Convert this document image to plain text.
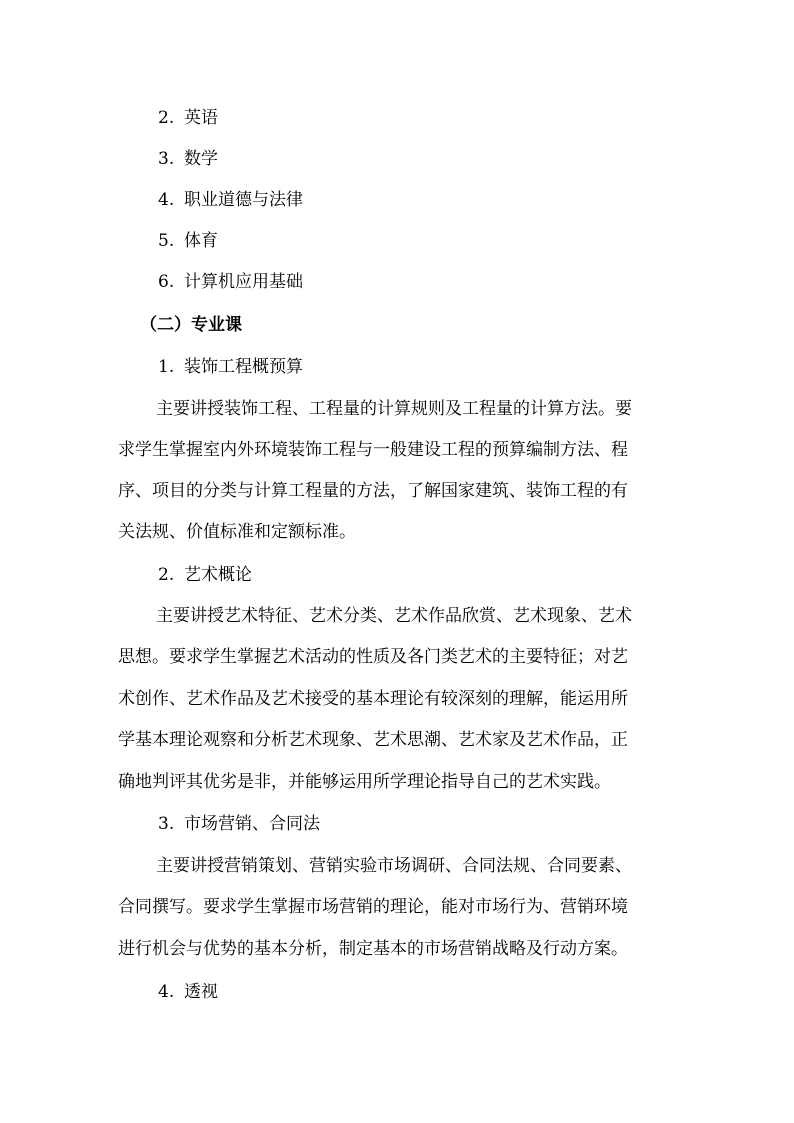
2. 英语
3. 数学
4. 职业道德与法律
5. 体育
6. 计算机应用基础
（二）专业课
1. 装饰工程概预算
主要讲授装饰工程、工程量的计算规则及工程量的计算方法。要
求学生掌握室内外环境装饰工程与一般建设工程的预算编制方法、程
序、项目的分类与计算工程量的方法，了解国家建筑、装饰工程的有
关法规、价值标准和定额标准。
2. 艺术概论
主要讲授艺术特征、艺术分类、艺术作品欣赏、艺术现象、艺术
思想。要求学生掌握艺术活动的性质及各门类艺术的主要特征；对艺
术创作、艺术作品及艺术接受的基本理论有较深刻的理解，能运用所
学基本理论观察和分析艺术现象、艺术思潮、艺术家及艺术作品，正
确地判评其优劣是非，并能够运用所学理论指导自己的艺术实践。
3. 市场营销、合同法
主要讲授营销策划、营销实验市场调研、合同法规、合同要素、
合同撰写。要求学生掌握市场营销的理论，能对市场行为、营销环境
进行机会与优势的基本分析，制定基本的市场营销战略及行动方案。
4. 透视
